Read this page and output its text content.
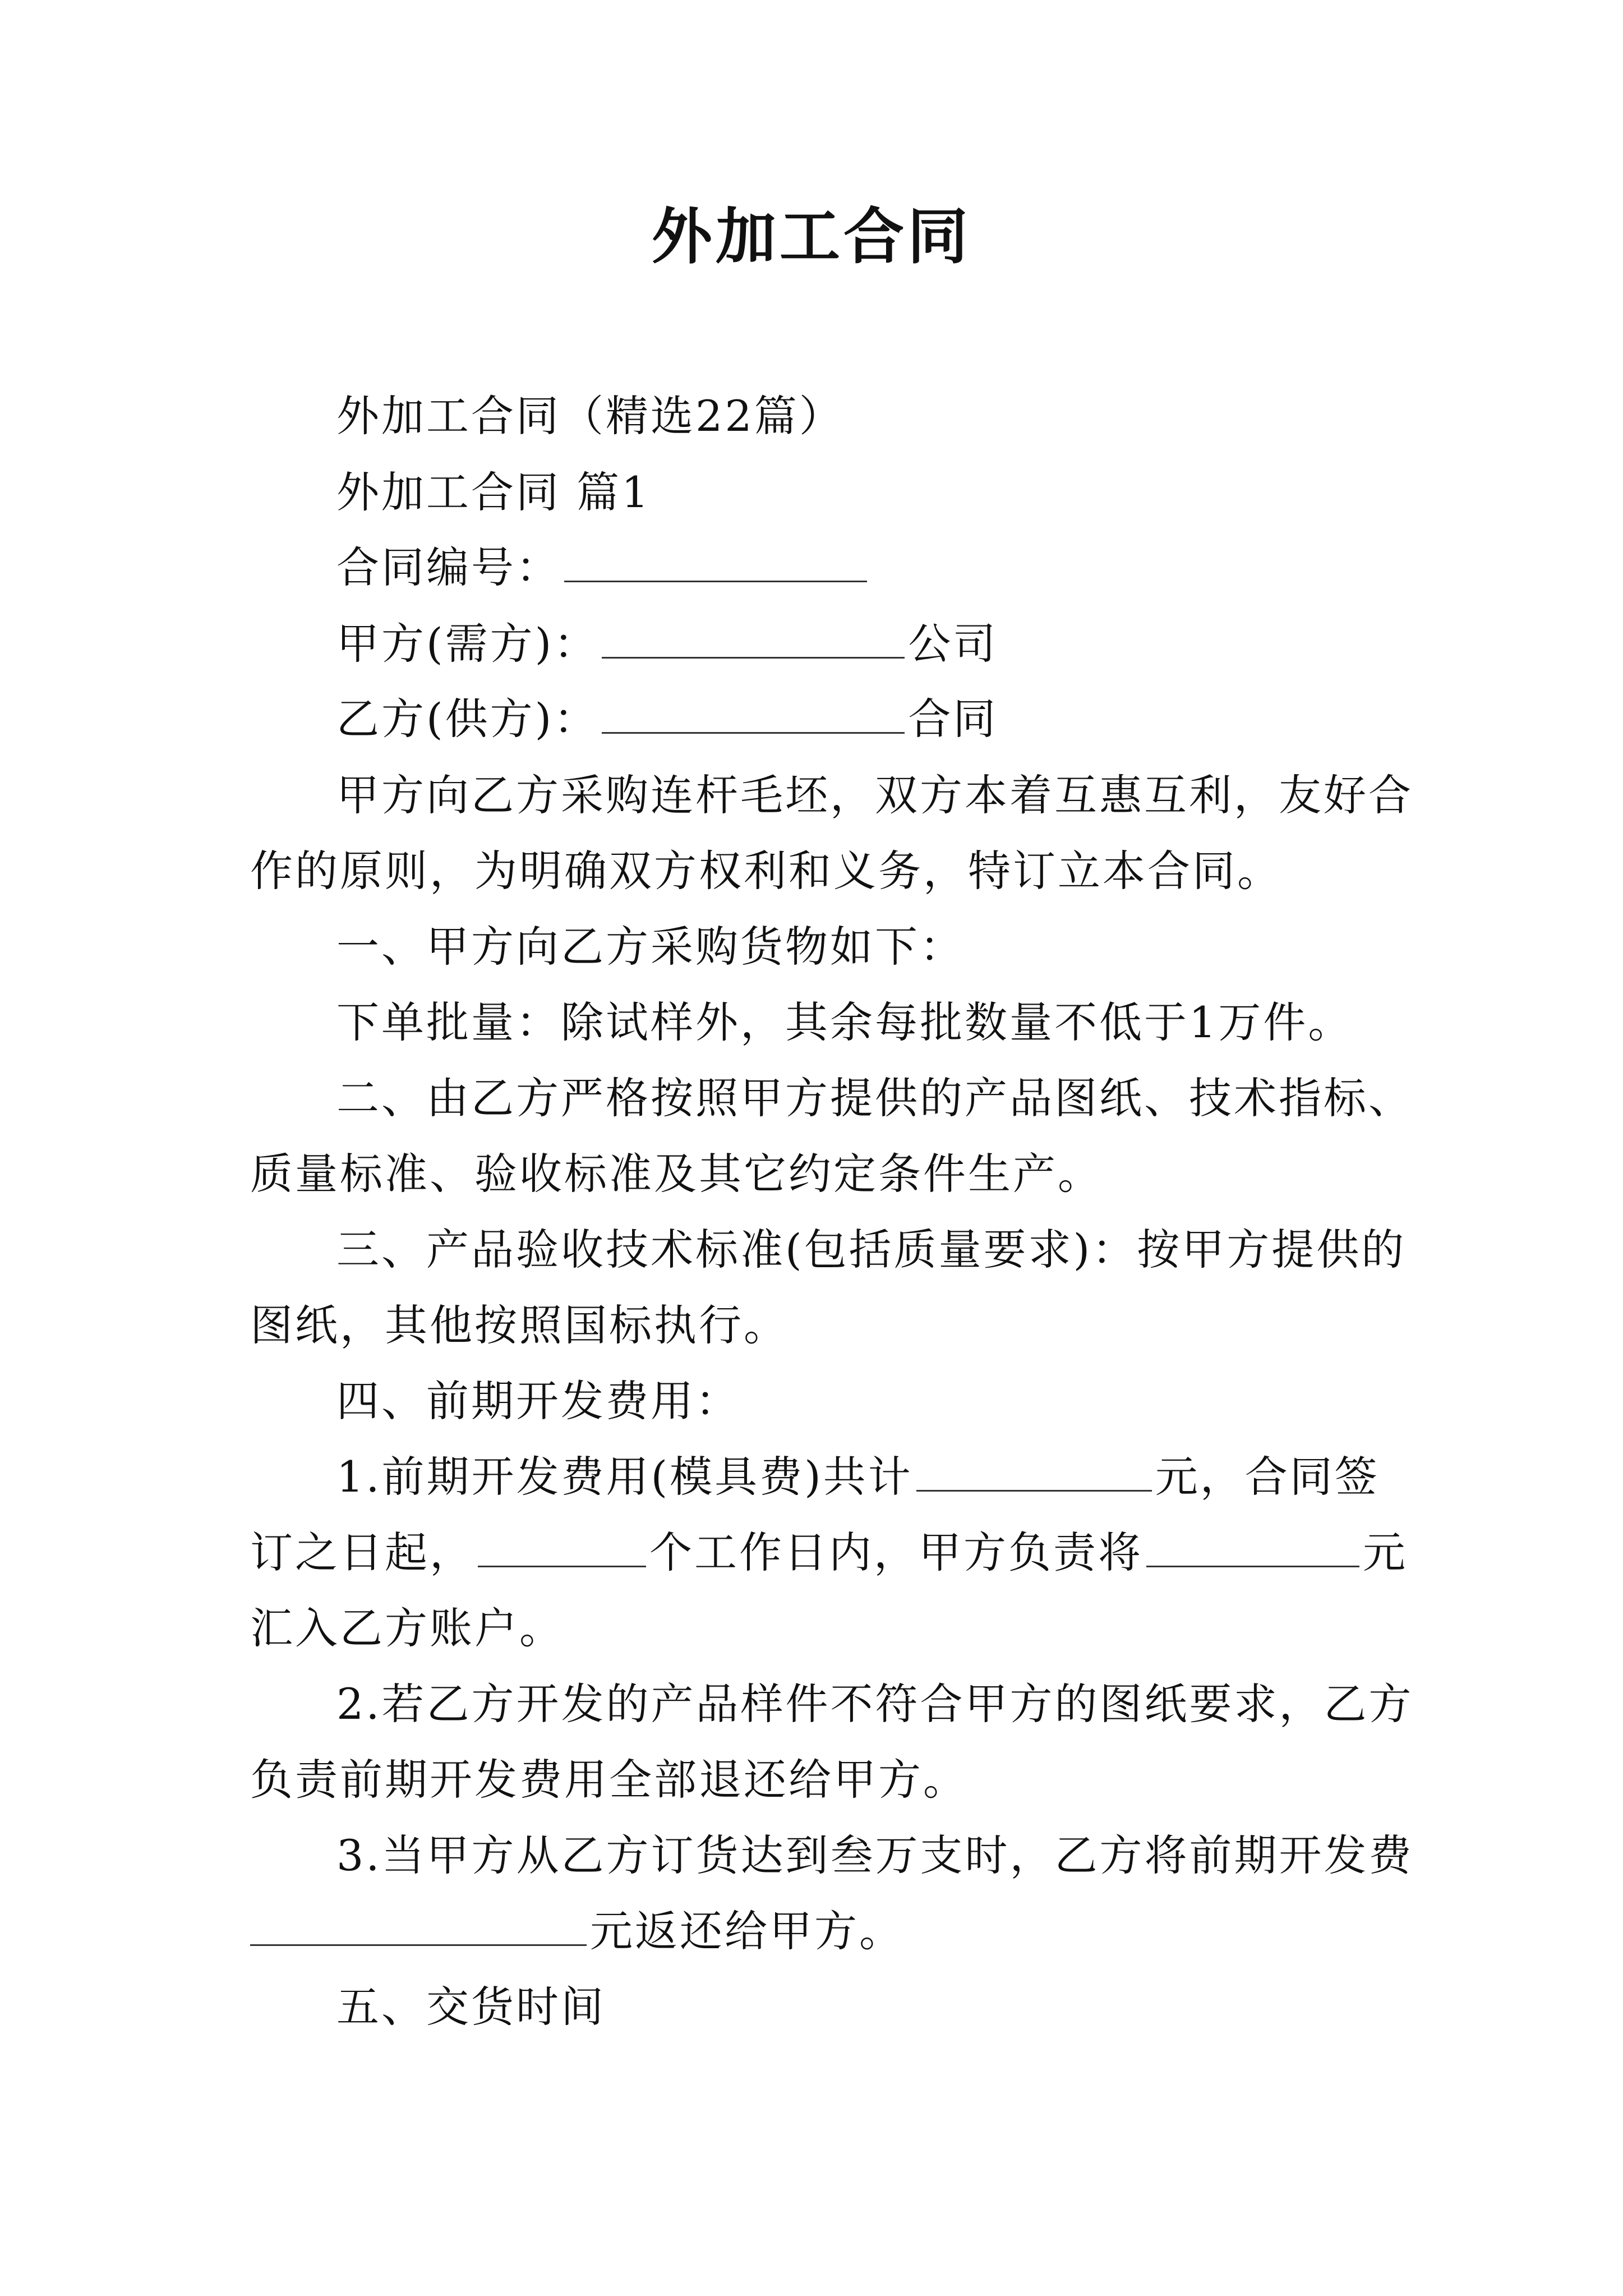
外加工合同
外加工合同（精选22篇）
外加工合同 篇1
合同编号：
甲方(需方)：	公司
乙方(供方)：	合同
甲方向乙方采购连杆毛坯，双方本着互惠互利，友好合
作的原则，为明确双方权利和义务，特订立本合同。
一、甲方向乙方采购货物如下：
下单批量：除试样外，其余每批数量不低于1万件。
二、由乙方严格按照甲方提供的产品图纸、技术指标、
质量标准、验收标准及其它约定条件生产。
三、产品验收技术标准(包括质量要求)：按甲方提供的
图纸，其他按照国标执行。
四、前期开发费用：
1.前期开发费用(模具费)共计	元，合同签
订之日起，	个工作日内，甲方负责将	元
汇入乙方账户。
2.若乙方开发的产品样件不符合甲方的图纸要求，乙方
负责前期开发费用全部退还给甲方。
3.当甲方从乙方订货达到叁万支时，乙方将前期开发费
元返还给甲方。
五、交货时间
